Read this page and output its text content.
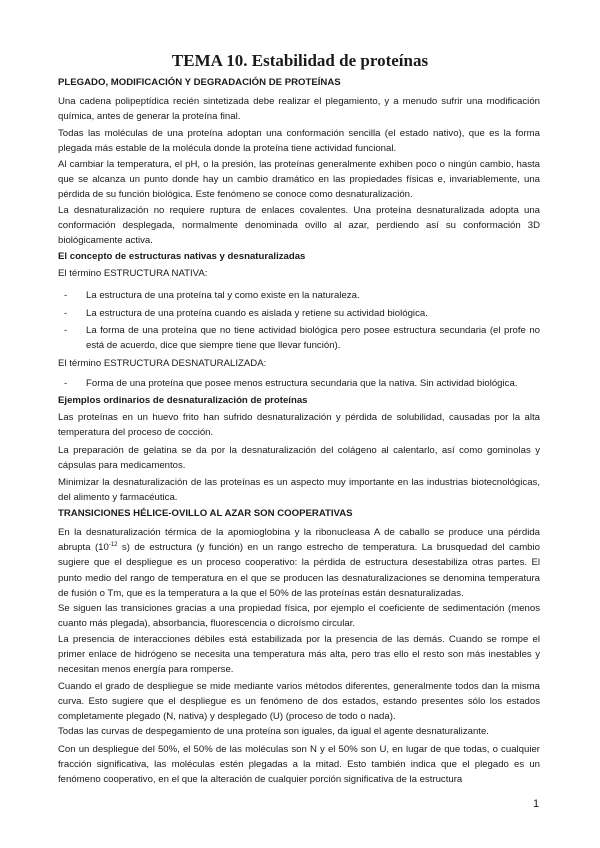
TEMA 10. Estabilidad de proteínas
PLEGADO, MODIFICACIÓN Y DEGRADACIÓN DE PROTEÍNAS

Una cadena polipeptídica recién sintetizada debe realizar el plegamiento, y a menudo sufrir una modificación química, antes de generar la proteína final.

Todas las moléculas de una proteína adoptan una conformación sencilla (el estado nativo), que es la forma plegada más estable de la molécula donde la proteína tiene actividad funcional.

Al cambiar la temperatura, el pH, o la presión, las proteínas generalmente exhiben poco o ningún cambio, hasta que se alcanza un punto donde hay un cambio dramático en las propiedades físicas e, invariablemente, una pérdida de su función biológica. Este fenómeno se conoce como desnaturalización.

La desnaturalización no requiere ruptura de enlaces covalentes. Una proteína desnaturalizada adopta una conformación desplegada, normalmente denominada ovillo al azar, perdiendo así su conformación 3D biológicamente activa.

El concepto de estructuras nativas y desnaturalizadas

El término ESTRUCTURA NATIVA:

- La estructura de una proteína tal y como existe en la naturaleza.
- La estructura de una proteína cuando es aislada y retiene su actividad biológica.
- La forma de una proteína que no tiene actividad biológica pero posee estructura secundaria (el profe no está de acuerdo, dice que siempre tiene que llevar función).

El término ESTRUCTURA DESNATURALIZADA:

- Forma de una proteína que posee menos estructura secundaria que la nativa. Sin actividad biológica.
Ejemplos ordinarios de desnaturalización de proteínas

Las proteínas en un huevo frito han sufrido desnaturalización y pérdida de solubilidad, causadas por la alta temperatura del proceso de cocción.

La preparación de gelatina se da por la desnaturalización del colágeno al calentarlo, así como gominolas y cápsulas para medicamentos.

Minimizar la desnaturalización de las proteínas es un aspecto muy importante en las industrias biotecnológicas, del alimento y farmacéutica.

TRANSICIONES HÉLICE-OVILLO AL AZAR SON COOPERATIVAS

En la desnaturalización térmica de la apomioglobina y la ribonucleasa A de caballo se produce una pérdida abrupta ($10^{-12}$ s) de estructura (y función) en un rango estrecho de temperatura. La brusquedad del cambio sugiere que el despliegue es un proceso cooperativo: la pérdida de estructura desestabiliza otras partes. El punto medio del rango de temperatura en el que se producen las desnaturalizaciones se denomina temperatura de fusión o Tm, que es la temperatura a la que el 50% de las proteínas están desnaturalizadas.

Se siguen las transiciones gracias a una propiedad física, por ejemplo el coeficiente de sedimentación (menos cuanto más plegada), absorbancia, fluorescencia o dicroísmo circular.

La presencia de interacciones débiles está estabilizada por la presencia de las demás. Cuando se rompe el primer enlace de hidrógeno se necesita una temperatura más alta, pero tras ello el resto son más inestables y necesitan menos energía para romperse.

Cuando el grado de despliegue se mide mediante varios métodos diferentes, generalmente todos dan la misma curva. Esto sugiere que el despliegue es un fenómeno de dos estados, estando presentes sólo los estados completamente plegado (N, nativa) y desplegado (U) (proceso de todo o nada).

Todas las curvas de despegamiento de una proteína son iguales, da igual el agente desnaturalizante.

Con un despliegue del 50%, el 50% de las moléculas son N y el 50% son U, en lugar de que todas, o cualquier fracción significativa, las moléculas estén plegadas a la mitad. Esto también indica que el plegado es un fenómeno cooperativo, en el que la alteración de cualquier porción significativa de la estructura

1
